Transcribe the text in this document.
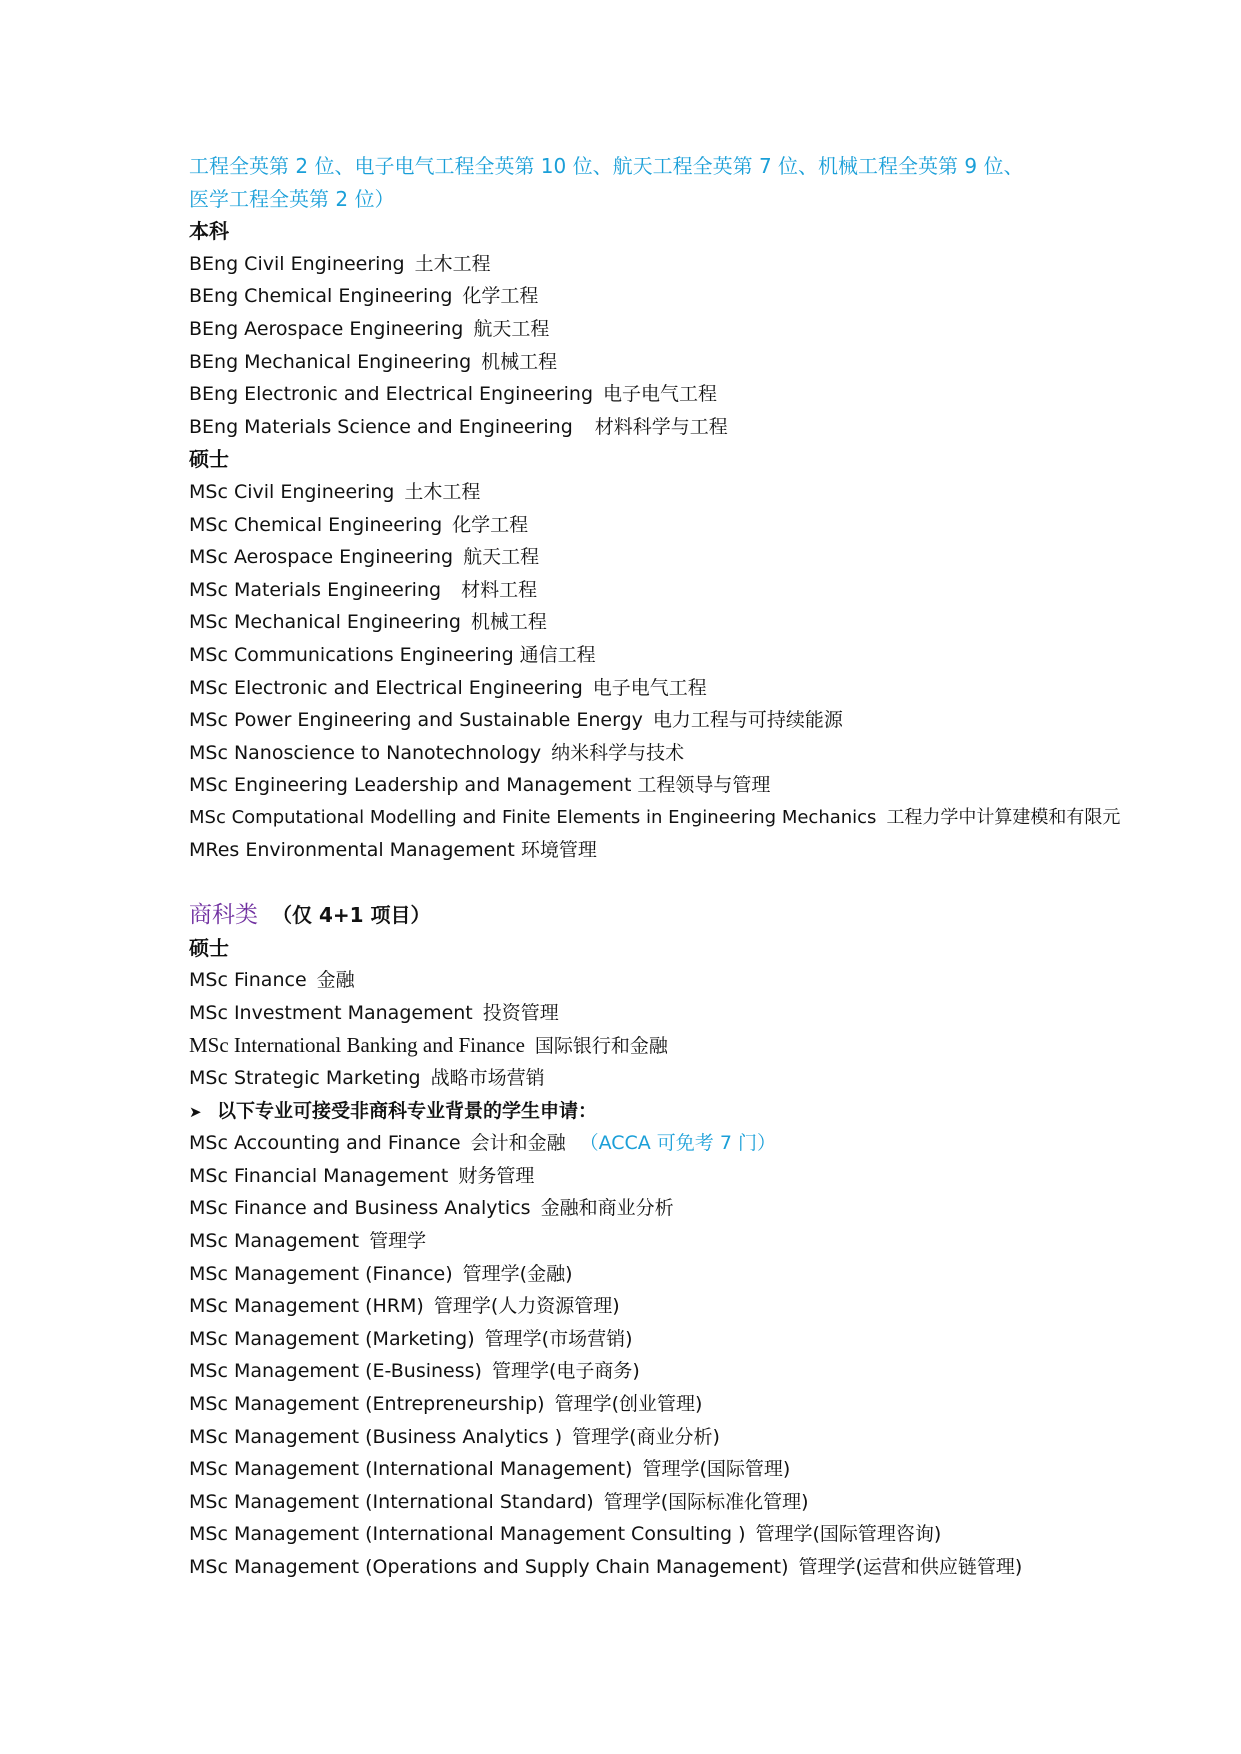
工程全英第 2 位、电子电气工程全英第 10 位、航天工程全英第 7 位、机械工程全英第 9 位、
医学工程全英第 2 位）
本科
BEng Civil Engineering 土木工程
BEng Chemical Engineering 化学工程
BEng Aerospace Engineering 航天工程
BEng Mechanical Engineering 机械工程
BEng Electronic and Electrical Engineering 电子电气工程
BEng Materials Science and Engineering 材料科学与工程
硕士
MSc Civil Engineering 土木工程
MSc Chemical Engineering 化学工程
MSc Aerospace Engineering 航天工程
MSc Materials Engineering 材料工程
MSc Mechanical Engineering 机械工程
MSc Communications Engineering 通信工程
MSc Electronic and Electrical Engineering 电子电气工程
MSc Power Engineering and Sustainable Energy 电力工程与可持续能源
MSc Nanoscience to Nanotechnology 纳米科学与技术
MSc Engineering Leadership and Management 工程领导与管理
MSc Computational Modelling and Finite Elements in Engineering Mechanics 工程力学中计算建模和有限元
MRes Environmental Management 环境管理
商科类 （仅 4+1 项目）
硕士
MSc Finance 金融
MSc Investment Management 投资管理
MSc International Banking and Finance 国际银行和金融
MSc Strategic Marketing 战略市场营销
➤ 以下专业可接受非商科专业背景的学生申请：
MSc Accounting and Finance 会计和金融 （ACCA 可免考 7 门）
MSc Financial Management 财务管理
MSc Finance and Business Analytics 金融和商业分析
MSc Management 管理学
MSc Management (Finance) 管理学(金融)
MSc Management (HRM) 管理学(人力资源管理)
MSc Management (Marketing) 管理学(市场营销)
MSc Management (E-Business) 管理学(电子商务)
MSc Management (Entrepreneurship) 管理学(创业管理)
MSc Management (Business Analytics ) 管理学(商业分析)
MSc Management (International Management) 管理学(国际管理)
MSc Management (International Standard) 管理学(国际标准化管理)
MSc Management (International Management Consulting ) 管理学(国际管理咨询)
MSc Management (Operations and Supply Chain Management) 管理学(运营和供应链管理)
